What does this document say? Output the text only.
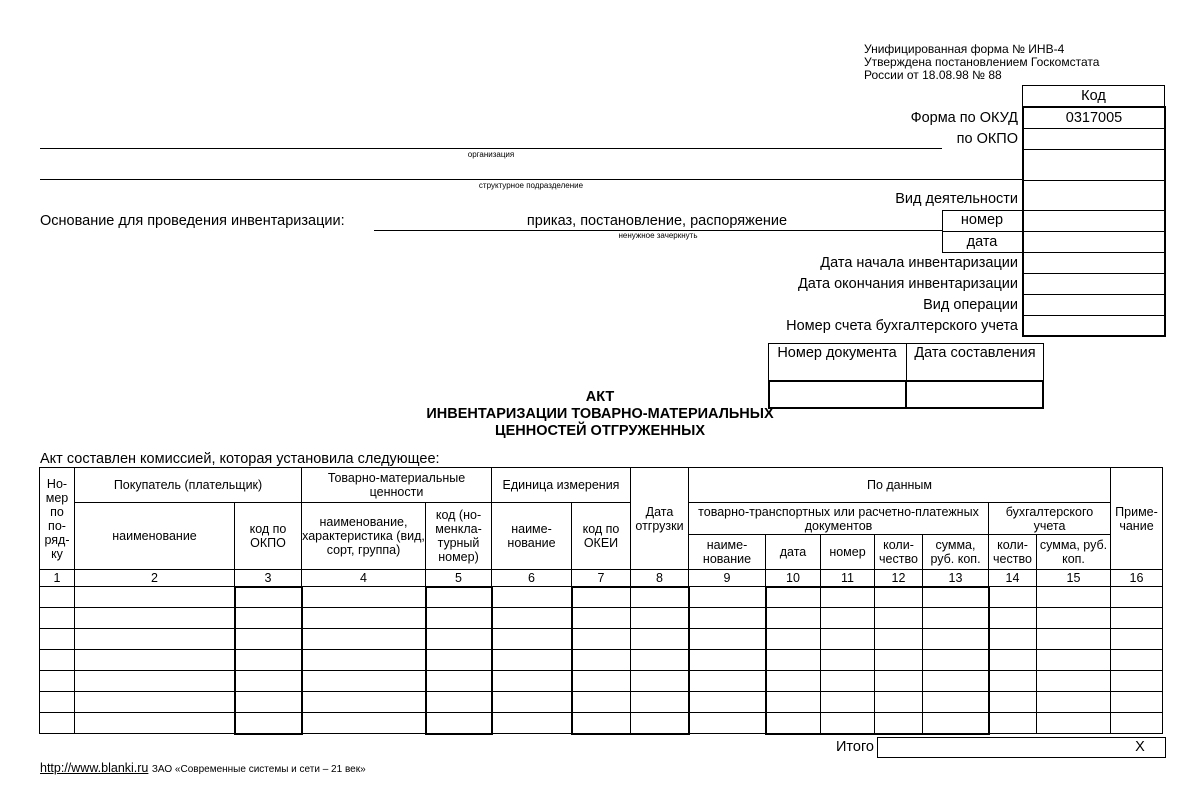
Унифицированная форма № ИНВ-4
Утверждена постановлением Госкомстата
России от 18.08.98 № 88
Код
0317005
Форма по ОКУД
по ОКПО
Вид деятельности
номер
дата
Дата начала инвентаризации
Дата окончания инвентаризации
Вид операции
Номер счета бухгалтерского учета
организация
структурное подразделение
Основание для проведения инвентаризации:	приказ, постановление, распоряжение
ненужное зачеркнуть
Номер документа	Дата составления
АКТ
ИНВЕНТАРИЗАЦИИ ТОВАРНО-МАТЕРИАЛЬНЫХ
ЦЕННОСТЕЙ ОТГРУЖЕННЫХ
Акт составлен комиссией, которая установила следующее:
Но-мер по по-ряд-ку	Покупатель (плательщик)		Товарно-материальные ценности		Единица измерения		Дата отгрузки	По данным							Приме-чание
	наименование	код по ОКПО	наименование, характеристика (вид, сорт, группа)	код (но-менкла-турный номер)	наиме-нование	код по ОКЕИ		товарно-транспортных или расчетно-платежных документов					бухгалтерского учета		
								наиме-нование	дата	номер	коли-чество	сумма, руб. коп.	коли-чество	сумма, руб. коп.	
1	2	3	4	5	6	7	8	9	10	11	12	13	14	15	16

Итого	Х
http://www.blanki.ru ЗАО «Современные системы и сети – 21 век»
